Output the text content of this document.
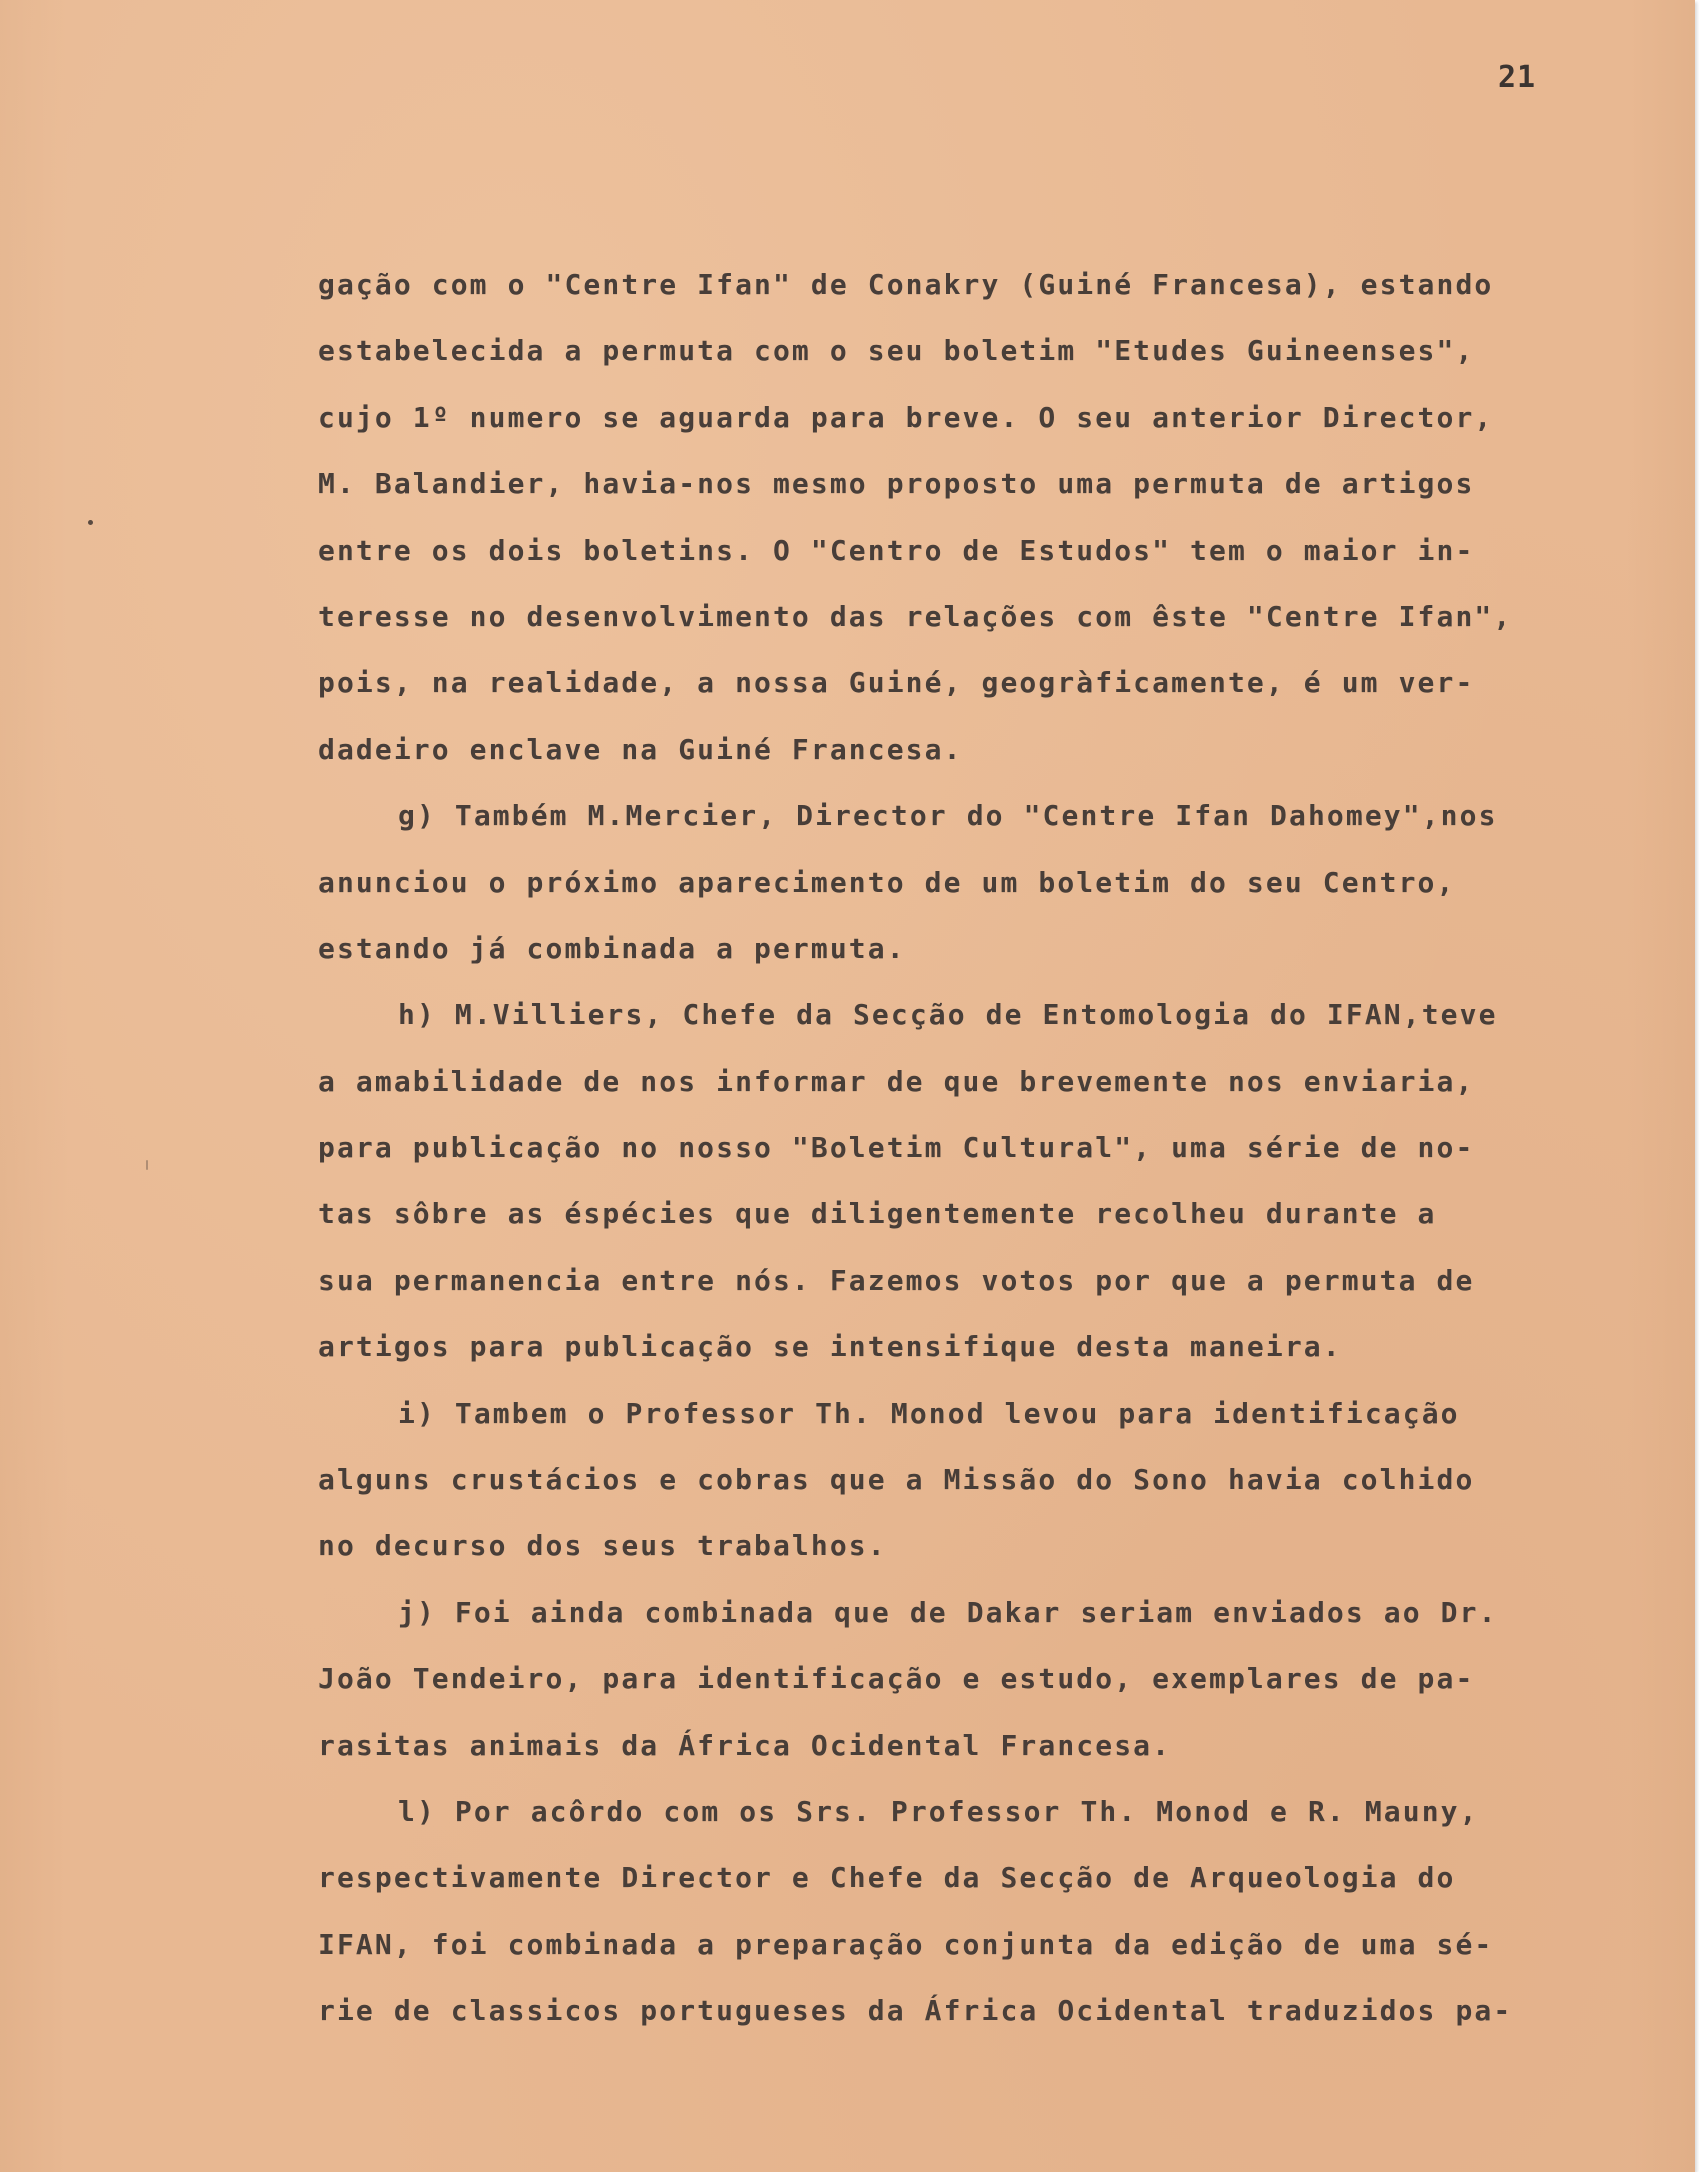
21
gação com o "Centre Ifan" de Conakry (Guiné Francesa), estando
estabelecida a permuta com o seu boletim "Etudes Guineenses",
cujo 1º numero se aguarda para breve. O seu anterior Director,
M. Balandier, havia-nos mesmo proposto uma permuta de artigos
entre os dois boletins. O "Centro de Estudos" tem o maior in-
teresse no desenvolvimento das relações com êste "Centre Ifan",
pois, na realidade, a nossa Guiné, geogràficamente, é um ver-
dadeiro enclave na Guiné Francesa.
g) Também M.Mercier, Director do "Centre Ifan Dahomey",nos
anunciou o próximo aparecimento de um boletim do seu Centro,
estando já combinada a permuta.
h) M.Villiers, Chefe da Secção de Entomologia do IFAN,teve
a amabilidade de nos informar de que brevemente nos enviaria,
para publicação no nosso "Boletim Cultural", uma série de no-
tas sôbre as éspécies que diligentemente recolheu durante a
sua permanencia entre nós. Fazemos votos por que a permuta de
artigos para publicação se intensifique desta maneira.
i) Tambem o Professor Th. Monod levou para identificação
alguns crustácios e cobras que a Missão do Sono havia colhido
no decurso dos seus trabalhos.
j) Foi ainda combinada que de Dakar seriam enviados ao Dr.
João Tendeiro, para identificação e estudo, exemplares de pa-
rasitas animais da África Ocidental Francesa.
l) Por acôrdo com os Srs. Professor Th. Monod e R. Mauny,
respectivamente Director e Chefe da Secção de Arqueologia do
IFAN, foi combinada a preparação conjunta da edição de uma sé-
rie de classicos portugueses da África Ocidental traduzidos pa-
